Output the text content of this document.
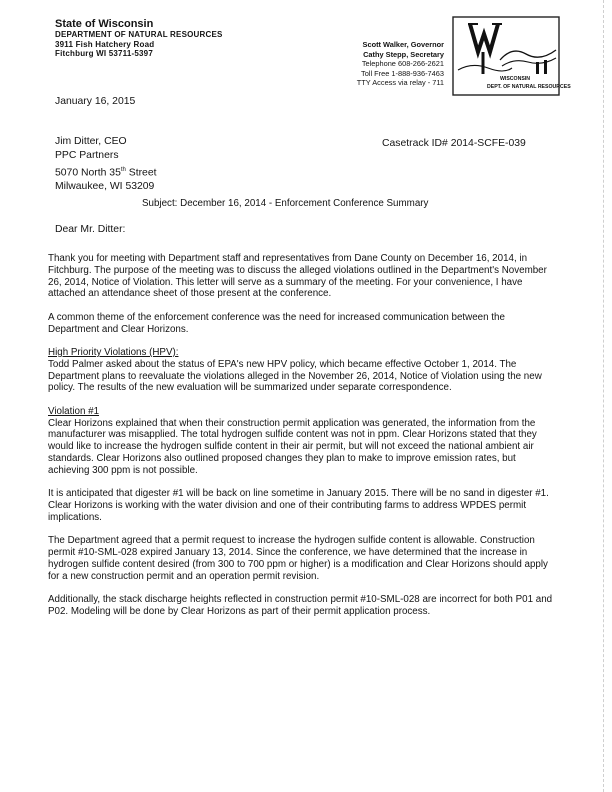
State of Wisconsin
DEPARTMENT OF NATURAL RESOURCES
3911 Fish Hatchery Road
Fitchburg WI 53711-5397
Scott Walker, Governor
Cathy Stepp, Secretary
Telephone 608-266-2621
Toll Free 1-888-936-7463
TTY Access via relay - 711	WISCONSIN
DEPT. OF NATURAL RESOURCES
January 16, 2015
Jim Ditter, CEO
PPC Partners
5070 North 35th Street
Milwaukee, WI 53209
Casetrack ID# 2014-SCFE-039
Subject: December 16, 2014 - Enforcement Conference Summary
Dear Mr. Ditter:

Thank you for meeting with Department staff and representatives from Dane County on December 16, 2014, in Fitchburg. The purpose of the meeting was to discuss the alleged violations outlined in the Department's November 26, 2014, Notice of Violation. This letter will serve as a summary of the meeting. For your convenience, I have attached an attendance sheet of those present at the conference.

A common theme of the enforcement conference was the need for increased communication between the Department and Clear Horizons.

High Priority Violations (HPV):

Todd Palmer asked about the status of EPA's new HPV policy, which became effective October 1, 2014. The Department plans to reevaluate the violations alleged in the November 26, 2014, Notice of Violation using the new policy. The results of the new evaluation will be summarized under separate correspondence.

Violation #1

Clear Horizons explained that when their construction permit application was generated, the information from the manufacturer was misapplied. The total hydrogen sulfide content was not in ppm. Clear Horizons stated that they would like to increase the hydrogen sulfide content in their air permit, but will not exceed the national ambient air standards. Clear Horizons also outlined proposed changes they plan to make to improve emission rates, but achieving 300 ppm is not possible.

It is anticipated that digester #1 will be back on line sometime in January 2015. There will be no sand in digester #1. Clear Horizons is working with the water division and one of their contributing farms to address WPDES permit implications.

The Department agreed that a permit request to increase the hydrogen sulfide content is allowable. Construction permit #10-SML-028 expired January 13, 2014. Since the conference, we have determined that the increase in hydrogen sulfide content desired (from 300 to 700 ppm or higher) is a modification and Clear Horizons should apply for a new construction permit and an operation permit revision.

Additionally, the stack discharge heights reflected in construction permit #10-SML-028 are incorrect for both P01 and P02. Modeling will be done by Clear Horizons as part of their permit application process.
